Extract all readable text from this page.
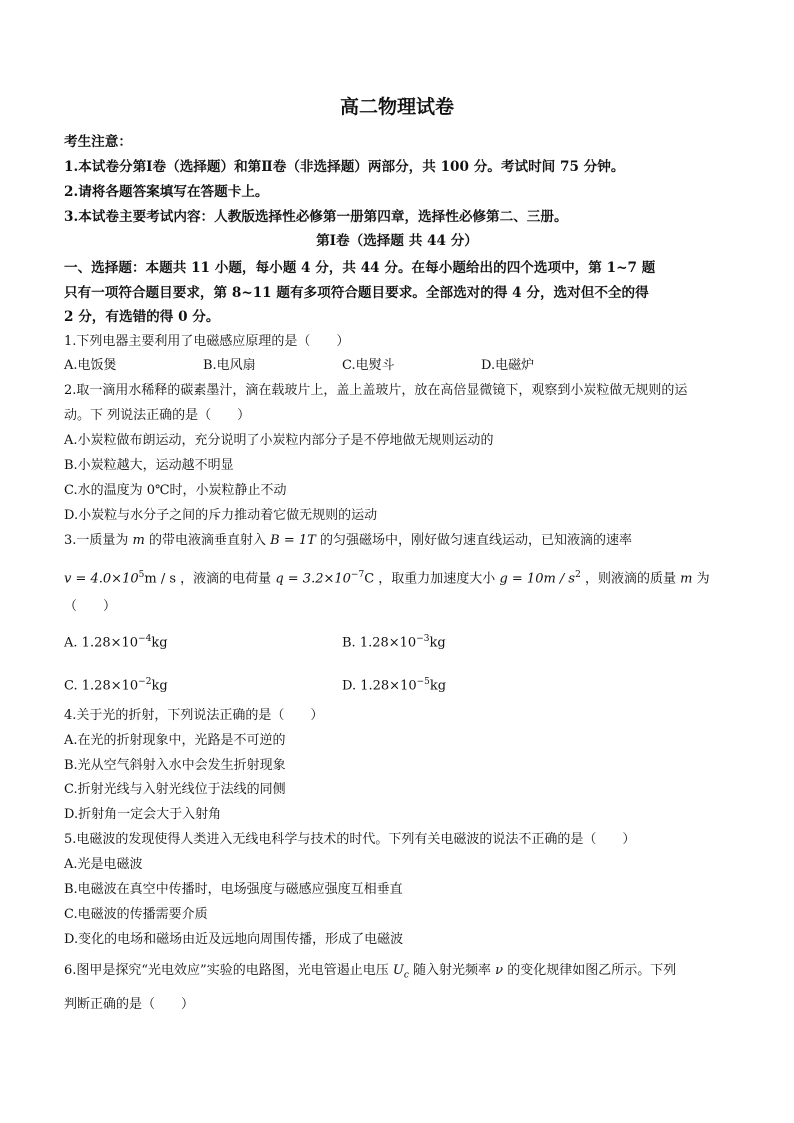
高二物理试卷
考生注意：
1.本试卷分第Ⅰ卷（选择题）和第Ⅱ卷（非选择题）两部分，共 100 分。考试时间 75 分钟。
2.请将各题答案填写在答题卡上。
3.本试卷主要考试内容：人教版选择性必修第一册第四章，选择性必修第二、三册。
第Ⅰ卷（选择题 共 44 分）
一、选择题：本题共 11 小题，每小题 4 分，共 44 分。在每小题给出的四个选项中，第 1~7 题
只有一项符合题目要求，第 8~11 题有多项符合题目要求。全部选对的得 4 分，选对但不全的得
2 分，有选错的得 0 分。
1.下列电器主要利用了电磁感应原理的是（　　）
A.电饭煲	B.电风扇	C.电熨斗	D.电磁炉
2.取一滴用水稀释的碳素墨汁，滴在载玻片上，盖上盖玻片，放在高倍显微镜下，观察到小炭粒做无规则的运
动。下 列说法正确的是（　　）
A.小炭粒做布朗运动，充分说明了小炭粒内部分子是不停地做无规则运动的
B.小炭粒越大，运动越不明显
C.水的温度为 0℃时，小炭粒静止不动
D.小炭粒与水分子之间的斥力推动着它做无规则的运动
3.一质量为 m 的带电液滴垂直射入 B = 1T 的匀强磁场中，刚好做匀速直线运动，已知液滴的速率
$v = 4.0\times 10^5m / s$ ，液滴的电荷量 $q = 3.2\times 10^{-7}C$ ，取重力加速度大小 $g = 10m / s^2$ ，则液滴的质量 m 为
（　　）
A. $1.28\times 10^{-4}kg$	B. $1.28\times 10^{-3}kg$
C. $1.28\times 10^{-2}kg$	D. $1.28\times 10^{-5}kg$
4.关于光的折射，下列说法正确的是（　　）
A.在光的折射现象中，光路是不可逆的
B.光从空气斜射入水中会发生折射现象
C.折射光线与入射光线位于法线的同侧
D.折射角一定会大于入射角
5.电磁波的发现使得人类进入无线电科学与技术的时代。下列有关电磁波的说法不正确的是（　　）
A.光是电磁波
B.电磁波在真空中传播时，电场强度与磁感应强度互相垂直
C.电磁波的传播需要介质
D.变化的电场和磁场由近及远地向周围传播，形成了电磁波
6.图甲是探究“光电效应”实验的电路图，光电管遏止电压 $U_c$ 随入射光频率 ν 的变化规律如图乙所示。下列
判断正确的是（　　）
